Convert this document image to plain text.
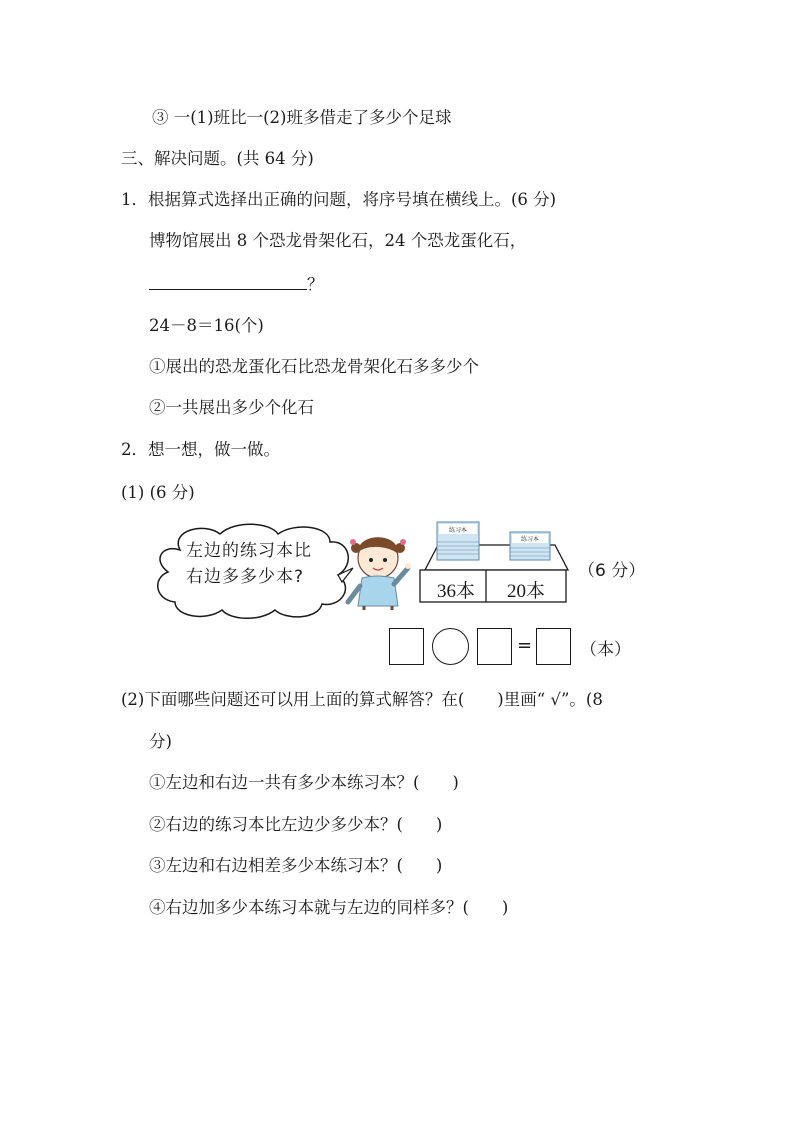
③ 一(1)班比一(2)班多借走了多少个足球
三、解决问题。(共 64 分)
1．根据算式选择出正确的问题，将序号填在横线上。(6 分)
博物馆展出 8 个恐龙骨架化石，24 个恐龙蛋化石，
？
24－8＝16(个)
①展出的恐龙蛋化石比恐龙骨架化石多多少个
②一共展出多少个化石
2．想一想，做一做。
(1) (6 分)
练习本
练习本
左边的练习本比
右边多多少本?
36本 20本
（6 分）
=	（本）
(2)下面哪些问题还可以用上面的算式解答？在(　　)里画“ √”。(8
分)
①左边和右边一共有多少本练习本？(　　)
②右边的练习本比左边少多少本？(　　)
③左边和右边相差多少本练习本？(　　)
④右边加多少本练习本就与左边的同样多？(　　)
